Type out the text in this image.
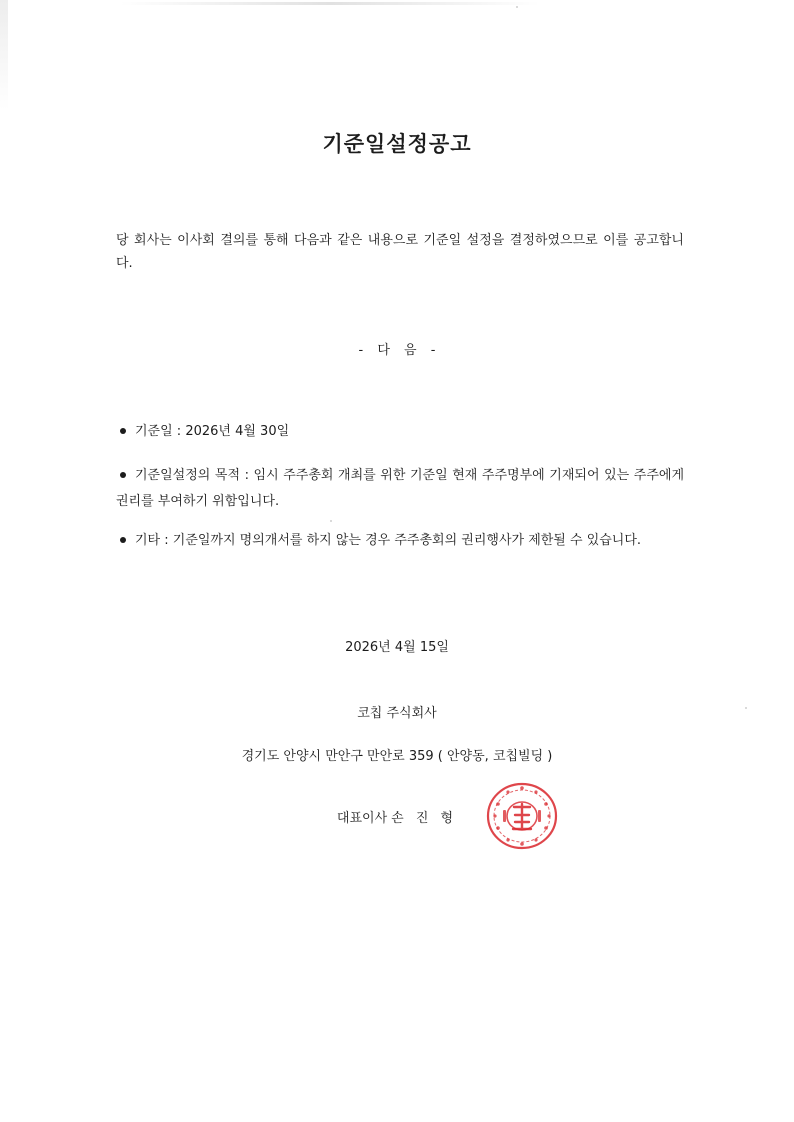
기준일설정공고
당 회사는 이사회 결의를 통해 다음과 같은 내용으로 기준일 설정을 결정하였으므로 이를 공고합니다.
- 다 음 -
기준일 : 2026년 4월 30일
기준일설정의 목적 : 임시 주주총회 개최를 위한 기준일 현재 주주명부에 기재되어 있는 주주에게 권리를 부여하기 위함입니다.
기타 : 기준일까지 명의개서를 하지 않는 경우 주주총회의 권리행사가 제한될 수 있습니다.
2026년 4월 15일
코칩 주식회사
경기도 안양시 만안구 만안로 359 ( 안양동, 코칩빌딩 )
대표이사 손 진 형
